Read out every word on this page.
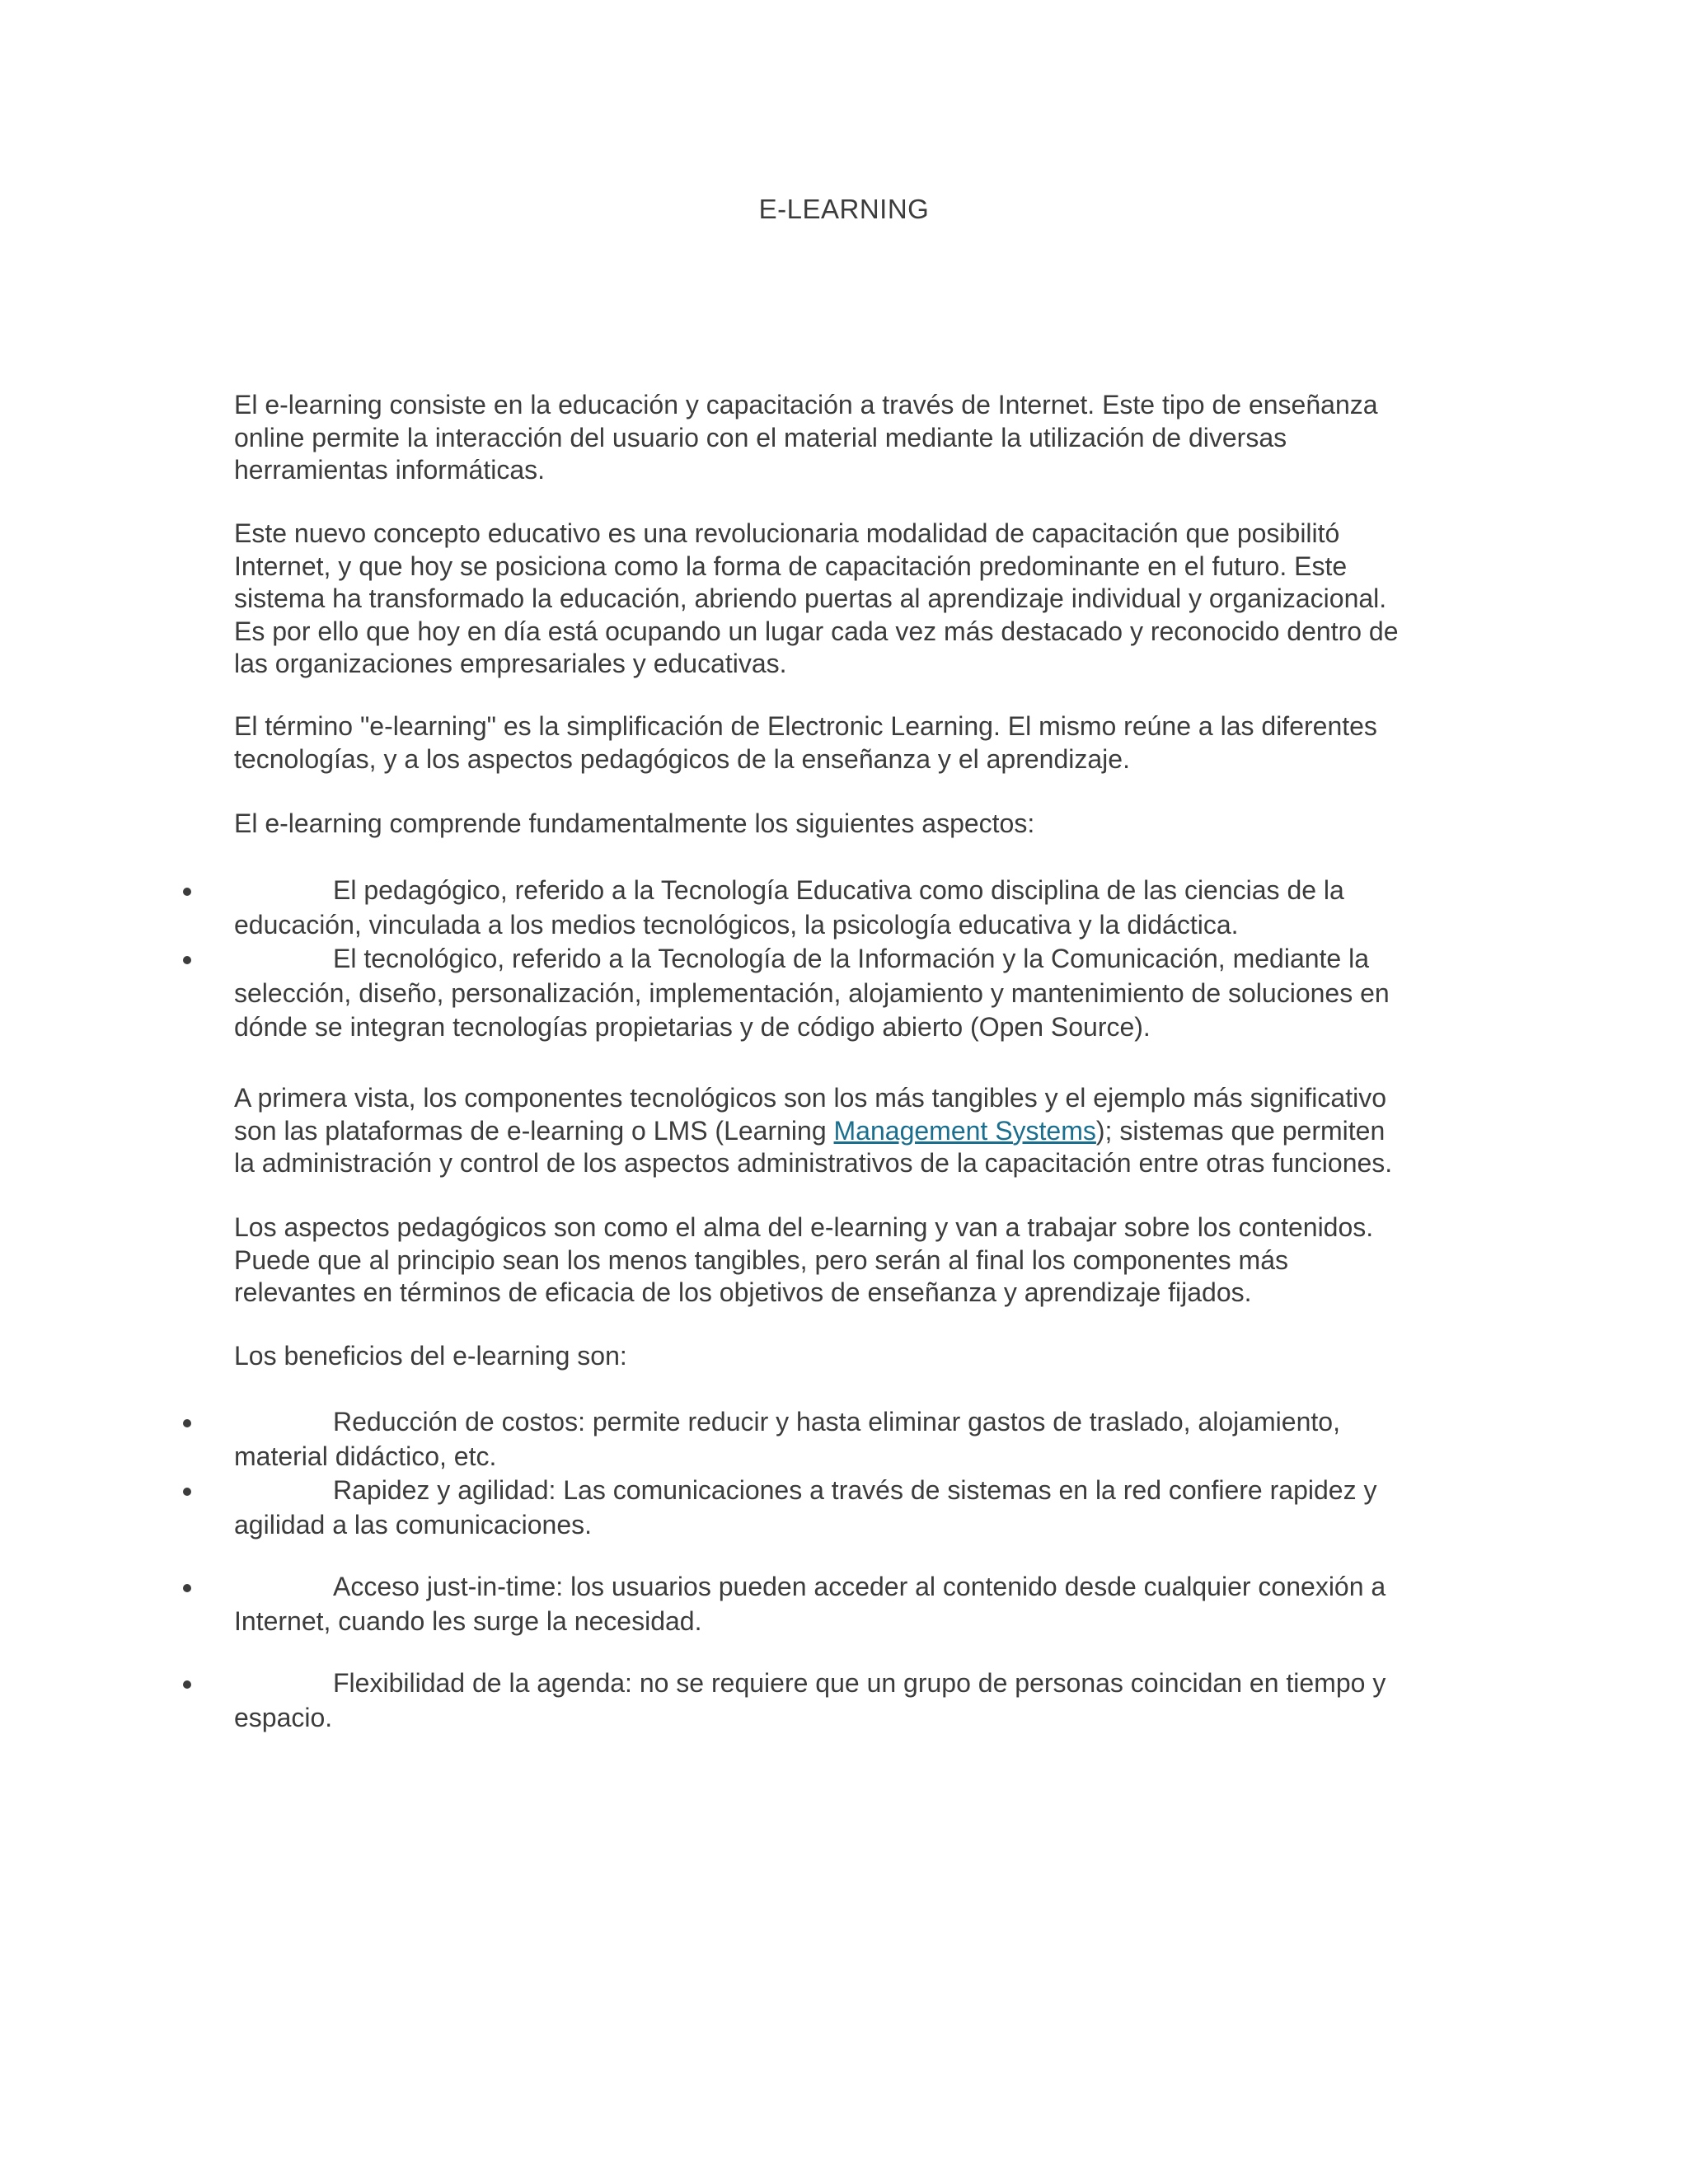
E-LEARNING

El e-learning consiste en la educación y capacitación a través de Internet. Este tipo de enseñanza
online permite la interacción del usuario con el material mediante la utilización de diversas
herramientas informáticas.

Este nuevo concepto educativo es una revolucionaria modalidad de capacitación que posibilitó
Internet, y que hoy se posiciona como la forma de capacitación predominante en el futuro. Este
sistema ha transformado la educación, abriendo puertas al aprendizaje individual y organizacional.
Es por ello que hoy en día está ocupando un lugar cada vez más destacado y reconocido dentro de
las organizaciones empresariales y educativas.

El término "e-learning" es la simplificación de Electronic Learning. El mismo reúne a las diferentes
tecnologías, y a los aspectos pedagógicos de la enseñanza y el aprendizaje.

El e-learning comprende fundamentalmente los siguientes aspectos:

El pedagógico, referido a la Tecnología Educativa como disciplina de las ciencias de la
educación, vinculada a los medios tecnológicos, la psicología educativa y la didáctica.
El tecnológico, referido a la Tecnología de la Información y la Comunicación, mediante la
selección, diseño, personalización, implementación, alojamiento y mantenimiento de soluciones en
dónde se integran tecnologías propietarias y de código abierto (Open Source).

A primera vista, los componentes tecnológicos son los más tangibles y el ejemplo más significativo
son las plataformas de e-learning o LMS (Learning Management Systems); sistemas que permiten
la administración y control de los aspectos administrativos de la capacitación entre otras funciones.

Los aspectos pedagógicos son como el alma del e-learning y van a trabajar sobre los contenidos.
Puede que al principio sean los menos tangibles, pero serán al final los componentes más
relevantes en términos de eficacia de los objetivos de enseñanza y aprendizaje fijados.

Los beneficios del e-learning son:

Reducción de costos: permite reducir y hasta eliminar gastos de traslado, alojamiento,
material didáctico, etc.
Rapidez y agilidad: Las comunicaciones a través de sistemas en la red confiere rapidez y
agilidad a las comunicaciones.
Acceso just-in-time: los usuarios pueden acceder al contenido desde cualquier conexión a
Internet, cuando les surge la necesidad.
Flexibilidad de la agenda: no se requiere que un grupo de personas coincidan en tiempo y
espacio.
